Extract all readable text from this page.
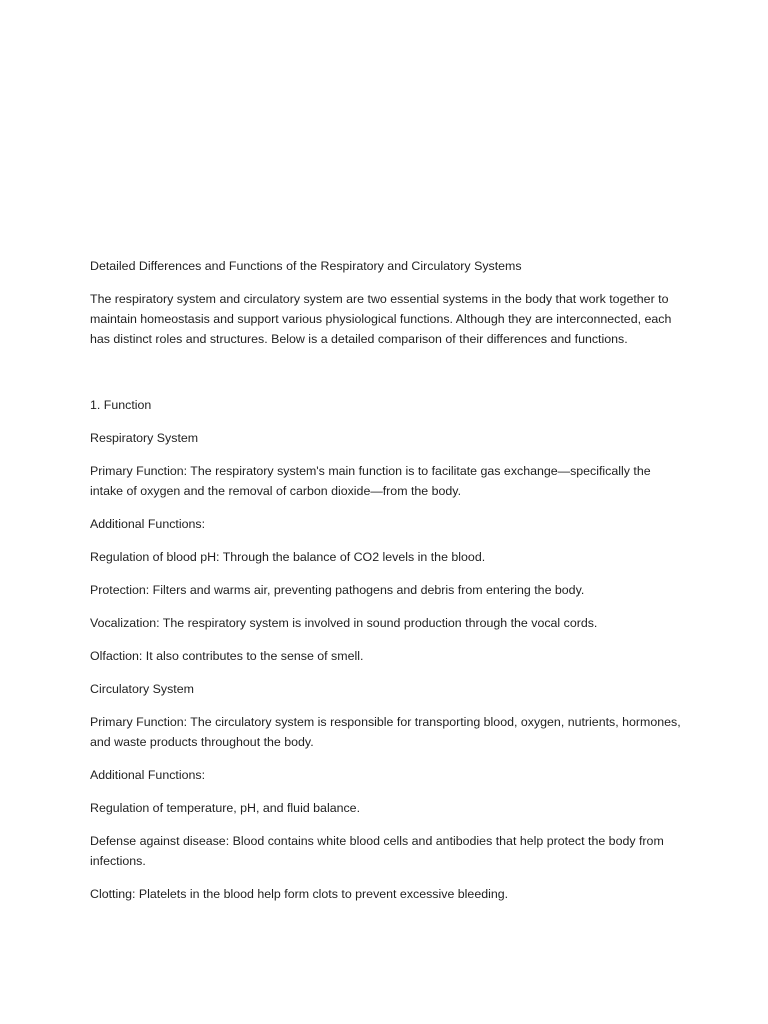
Detailed Differences and Functions of the Respiratory and Circulatory Systems

The respiratory system and circulatory system are two essential systems in the body that work together to maintain homeostasis and support various physiological functions. Although they are interconnected, each has distinct roles and structures. Below is a detailed comparison of their differences and functions.

1. Function

Respiratory System

Primary Function: The respiratory system's main function is to facilitate gas exchange—specifically the intake of oxygen and the removal of carbon dioxide—from the body.

Additional Functions:

Regulation of blood pH: Through the balance of CO2 levels in the blood.

Protection: Filters and warms air, preventing pathogens and debris from entering the body.

Vocalization: The respiratory system is involved in sound production through the vocal cords.

Olfaction: It also contributes to the sense of smell.

Circulatory System

Primary Function: The circulatory system is responsible for transporting blood, oxygen, nutrients, hormones, and waste products throughout the body.

Additional Functions:

Regulation of temperature, pH, and fluid balance.

Defense against disease: Blood contains white blood cells and antibodies that help protect the body from infections.

Clotting: Platelets in the blood help form clots to prevent excessive bleeding.
